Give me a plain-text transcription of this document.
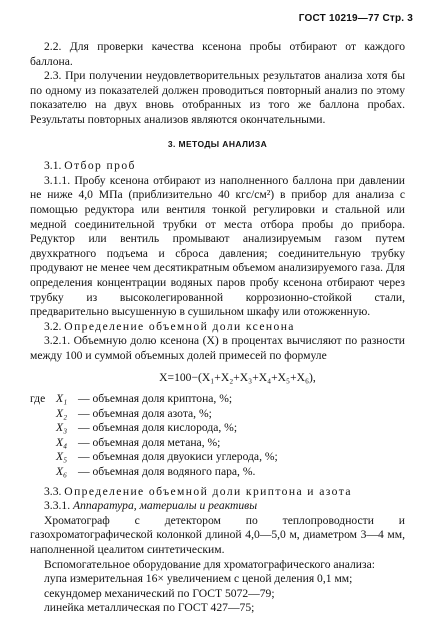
ГОСТ 10219—77 Стр. 3

2.2. Для проверки качества ксенона пробы отбирают от каждого баллона.

2.3. При получении неудовлетворительных результатов анализа хотя бы по одному из показателей должен проводиться повторный анализ по этому показателю на двух вновь отобранных из того же баллона пробах. Результаты повторных анализов являются окончательными.

3. МЕТОДЫ АНАЛИЗА

3.1. Отбор проб

3.1.1. Пробу ксенона отбирают из наполненного баллона при давлении не ниже 4,0 МПа (приблизительно 40 кгс/см²) в прибор для анализа с помощью редуктора или вентиля тонкой регулировки и стальной или медной соединительной трубки от места отбора пробы до прибора. Редуктор или вентиль промывают анализируемым газом путем двухкратного подъема и сброса давления; соединительную трубку продувают не менее чем десятикратным объемом анализируемого газа. Для определения концентрации водяных паров пробу ксенона отбирают через трубку из высоколегированной коррозионно-стойкой стали, предварительно высушенную в сушильном шкафу или отожженную.

3.2. Определение объемной доли ксенона

3.2.1. Объемную долю ксенона (X) в процентах вычисляют по разности между 100 и суммой объемных долей примесей по формуле

X=100−(X₁+X₂+X₃+X₄+X₅+X₆),
где X₁ — объемная доля криптона, %;
X₂ — объемная доля азота, %;
X₃ — объемная доля кислорода, %;
X₄ — объемная доля метана, %;
X₅ — объемная доля двуокиси углерода, %;
X₆ — объемная доля водяного пара, %.

3.3. Определение объемной доли криптона и азота

3.3.1. Аппаратура, материалы и реактивы

Хроматограф с детектором по теплопроводности и газохроматографической колонкой длиной 4,0—5,0 м, диаметром 3—4 мм, наполненной цеалитом синтетическим.

Вспомогательное оборудование для хроматографического анализа:

лупа измерительная 16× увеличением с ценой деления 0,1 мм;

секундомер механический по ГОСТ 5072—79;

линейка металлическая по ГОСТ 427—75;
